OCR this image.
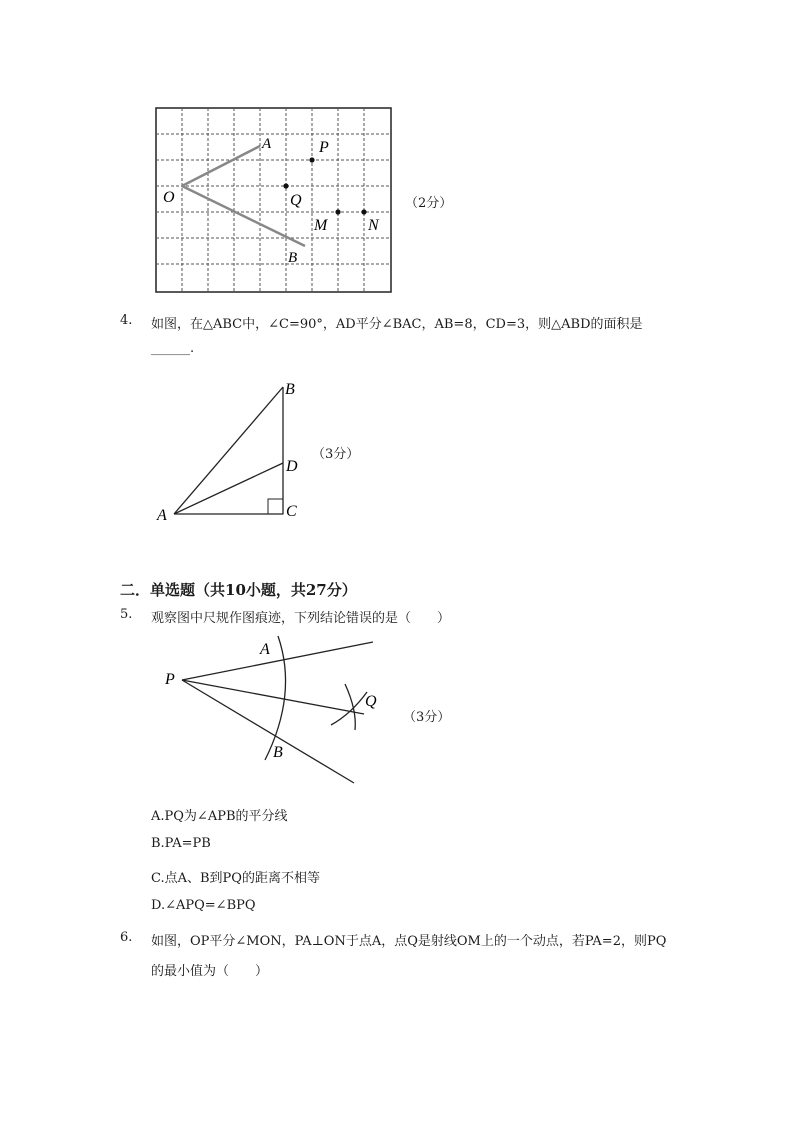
A
O
P
Q
M	N
B
（2分）
4. 如图，在△ABC中，∠C=90°，AD平分∠BAC，AB=8，CD=3，则△ABD的面积是
______.
A
B
C
D
（3分）
二．单选题（共10小题，共27分）
5. 观察图中尺规作图痕迹，下列结论错误的是（　　）
P
A
B
Q
（3分）
A.PQ为∠APB的平分线
B.PA=PB
C.点A、B到PQ的距离不相等
D.∠APQ=∠BPQ
6. 如图，OP平分∠MON，PA⊥ON于点A，点Q是射线OM上的一个动点，若PA=2，则PQ
的最小值为（　　）
